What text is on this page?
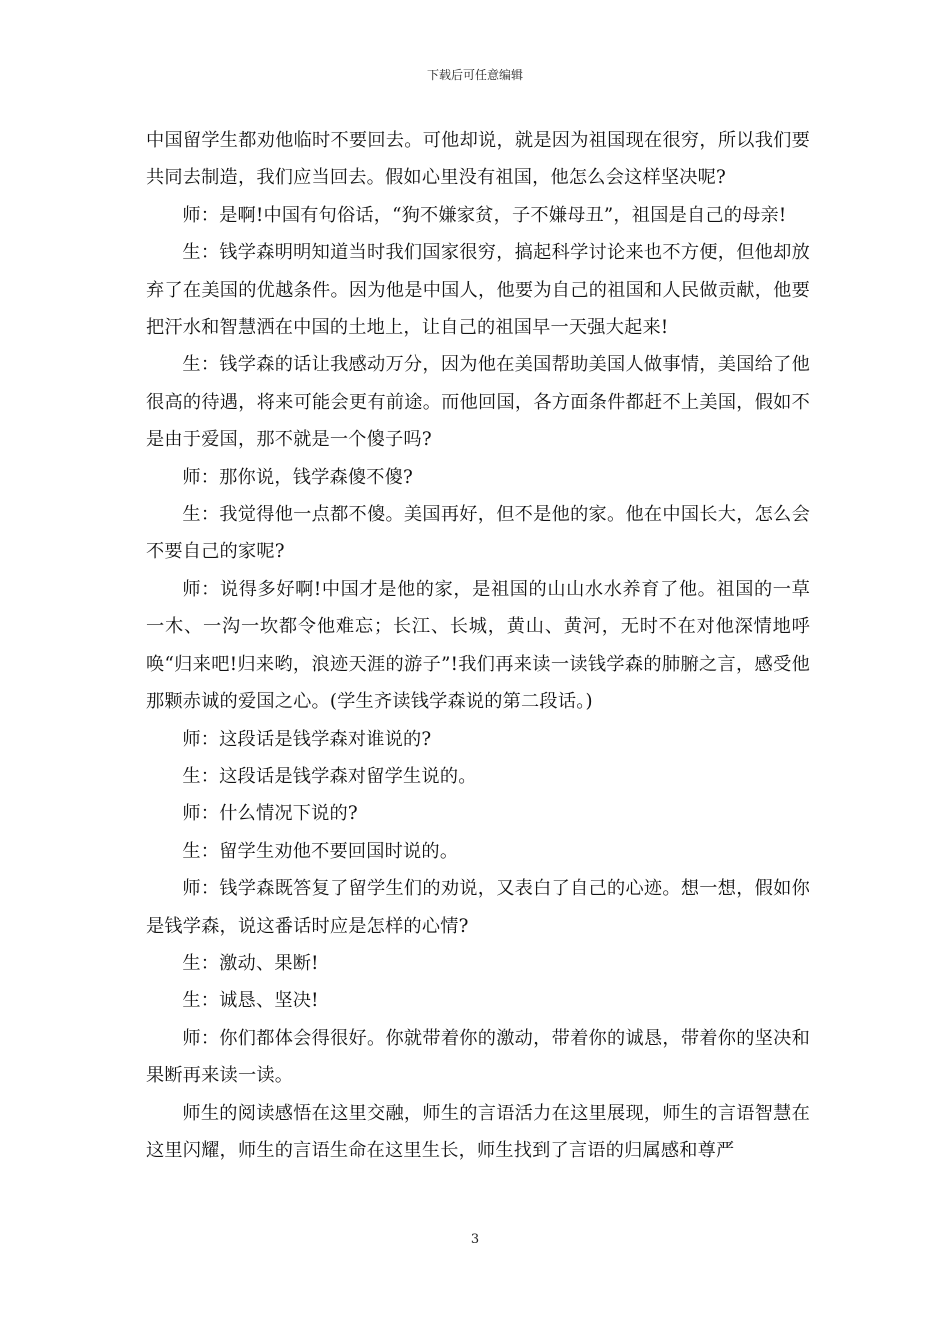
下载后可任意编辑

中国留学生都劝他临时不要回去。可他却说，就是因为祖国现在很穷，所以我们要共同去制造，我们应当回去。假如心里没有祖国，他怎么会这样坚决呢?

师：是啊!中国有句俗话，“狗不嫌家贫，子不嫌母丑”，祖国是自己的母亲!

生：钱学森明明知道当时我们国家很穷，搞起科学讨论来也不方便，但他却放弃了在美国的优越条件。因为他是中国人，他要为自己的祖国和人民做贡献，他要把汗水和智慧洒在中国的土地上，让自己的祖国早一天强大起来!

生：钱学森的话让我感动万分，因为他在美国帮助美国人做事情，美国给了他很高的待遇，将来可能会更有前途。而他回国，各方面条件都赶不上美国，假如不是由于爱国，那不就是一个傻子吗?

师：那你说，钱学森傻不傻?

生：我觉得他一点都不傻。美国再好，但不是他的家。他在中国长大，怎么会不要自己的家呢?

师：说得多好啊!中国才是他的家，是祖国的山山水水养育了他。祖国的一草一木、一沟一坎都令他难忘；长江、长城，黄山、黄河，无时不在对他深情地呼唤“归来吧!归来哟，浪迹天涯的游子”!我们再来读一读钱学森的肺腑之言，感受他那颗赤诚的爱国之心。(学生齐读钱学森说的第二段话。)

师：这段话是钱学森对谁说的?

生：这段话是钱学森对留学生说的。

师：什么情况下说的?

生：留学生劝他不要回国时说的。

师：钱学森既答复了留学生们的劝说，又表白了自己的心迹。想一想，假如你是钱学森，说这番话时应是怎样的心情?

生：激动、果断!

生：诚恳、坚决!

师：你们都体会得很好。你就带着你的激动，带着你的诚恳，带着你的坚决和果断再来读一读。

师生的阅读感悟在这里交融，师生的言语活力在这里展现，师生的言语智慧在这里闪耀，师生的言语生命在这里生长，师生找到了言语的归属感和尊严

3
